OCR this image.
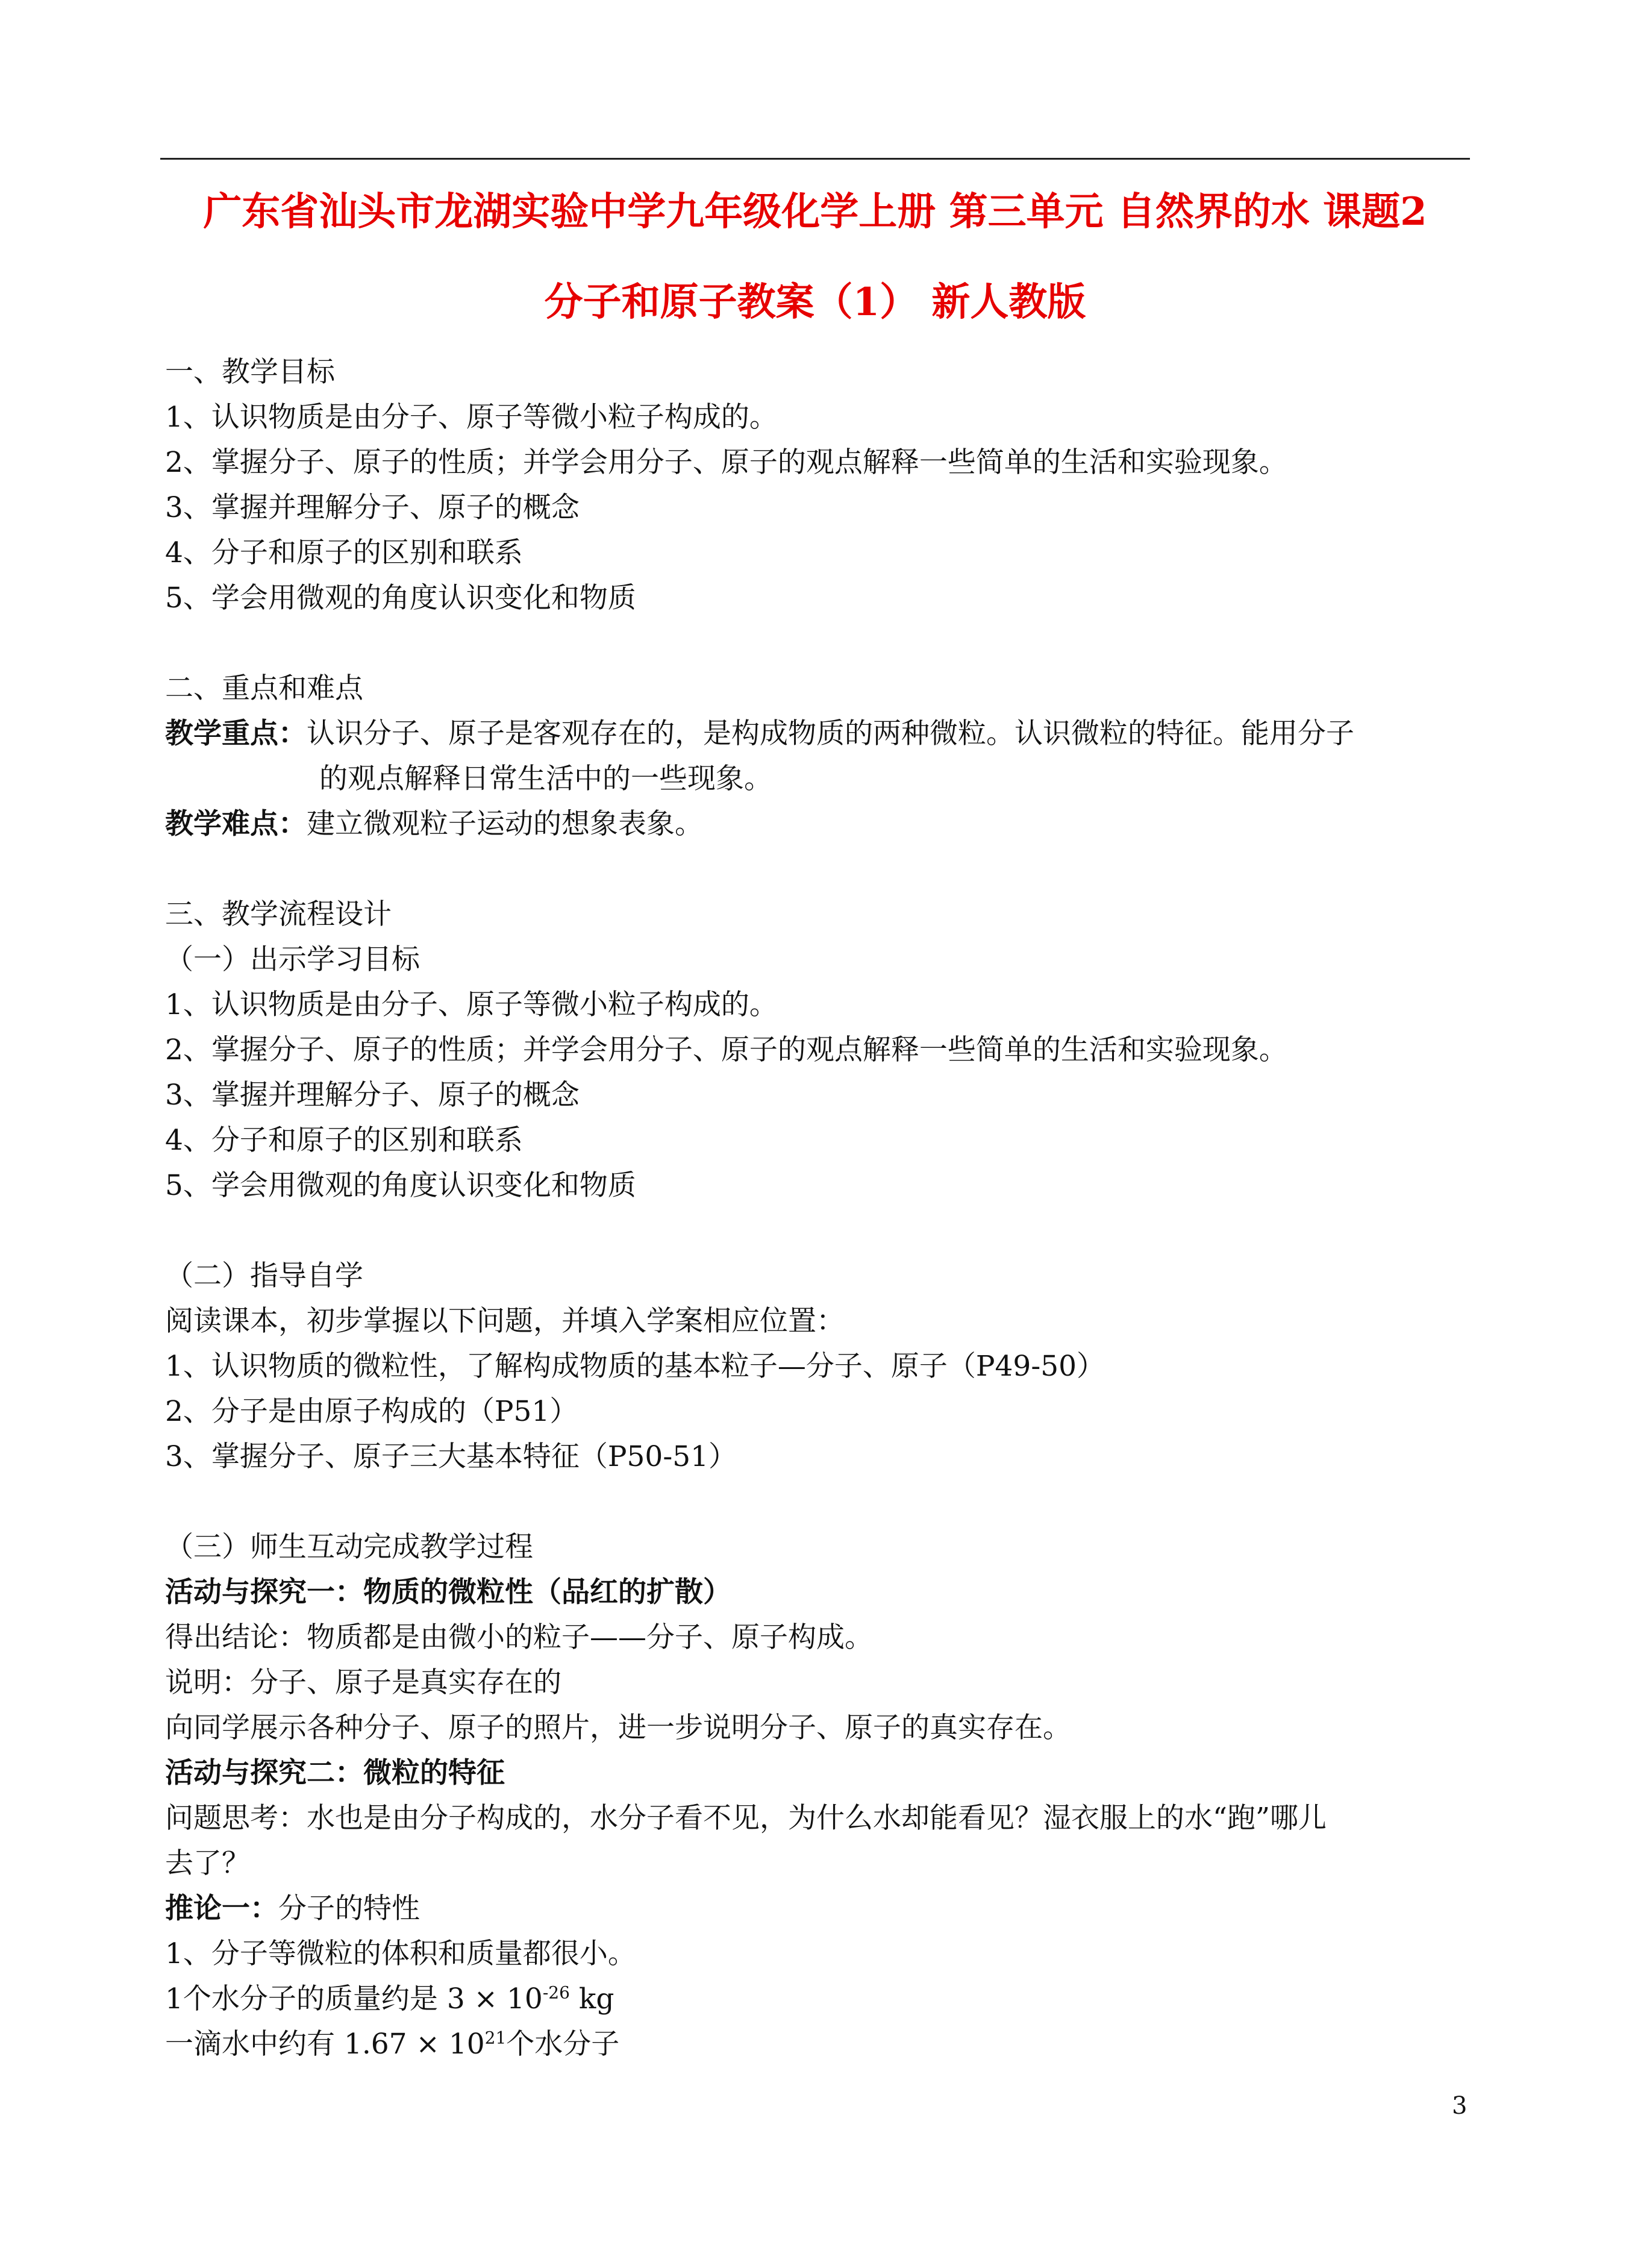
广东省汕头市龙湖实验中学九年级化学上册 第三单元 自然界的水 课题2
分子和原子教案（1） 新人教版
一、教学目标
1、认识物质是由分子、原子等微小粒子构成的。
2、掌握分子、原子的性质；并学会用分子、原子的观点解释一些简单的生活和实验现象。
3、掌握并理解分子、原子的概念
4、分子和原子的区别和联系
5、学会用微观的角度认识变化和物质
二、重点和难点
教学重点：认识分子、原子是客观存在的，是构成物质的两种微粒。认识微粒的特征。能用分子
的观点解释日常生活中的一些现象。
教学难点：建立微观粒子运动的想象表象。
三、教学流程设计
（一）出示学习目标
1、认识物质是由分子、原子等微小粒子构成的。
2、掌握分子、原子的性质；并学会用分子、原子的观点解释一些简单的生活和实验现象。
3、掌握并理解分子、原子的概念
4、分子和原子的区别和联系
5、学会用微观的角度认识变化和物质
（二）指导自学
阅读课本，初步掌握以下问题，并填入学案相应位置：
1、认识物质的微粒性，了解构成物质的基本粒子—分子、原子（P49-50）
2、分子是由原子构成的（P51）
3、掌握分子、原子三大基本特征（P50-51）
（三）师生互动完成教学过程
活动与探究一：物质的微粒性（品红的扩散）
得出结论：物质都是由微小的粒子——分子、原子构成。
说明：分子、原子是真实存在的
向同学展示各种分子、原子的照片，进一步说明分子、原子的真实存在。
活动与探究二：微粒的特征
问题思考：水也是由分子构成的，水分子看不见，为什么水却能看见？湿衣服上的水“跑”哪儿
去了？
推论一：分子的特性
1、分子等微粒的体积和质量都很小。
1个水分子的质量约是 $3 \times 10^{-26}$ kg
一滴水中约有 $1.67 \times 10^{21}$个水分子
3
